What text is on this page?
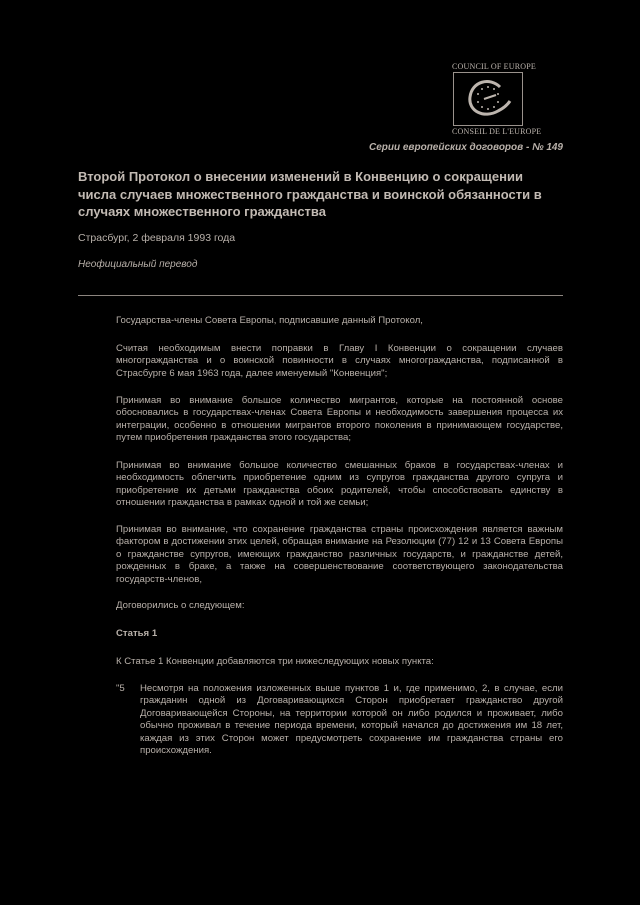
COUNCIL OF EUROPE
CONSEIL DE L'EUROPE
Серии европейских договоров - № 149
Второй Протокол о внесении изменений в Конвенцию о сокращении числа случаев множественного гражданства и воинской обязанности в случаях множественного гражданства
Страсбург, 2 февраля 1993 года
Неофициальный перевод
Государства-члены Совета Европы, подписавшие данный Протокол,
Считая необходимым внести поправки в Главу I Конвенции о сокращении случаев многогражданства и о воинской повинности в случаях многогражданства, подписанной в Страсбурге 6 мая 1963 года, далее именуемый "Конвенция";
Принимая во внимание большое количество мигрантов, которые на постоянной основе обосновались в государствах-членах Совета Европы и необходимость завершения процесса их интеграции, особенно в отношении мигрантов второго поколения в принимающем государстве, путем приобретения гражданства этого государства;
Принимая во внимание большое количество смешанных браков в государствах-членах и необходимость облегчить приобретение одним из супругов гражданства другого супруга и приобретение их детьми гражданства обоих родителей, чтобы способствовать единству в отношении гражданства в рамках одной и той же семьи;
Принимая во внимание, что сохранение гражданства страны происхождения является важным фактором в достижении этих целей, обращая внимание на Резолюции (77) 12 и 13 Совета Европы о гражданстве супругов, имеющих гражданство различных государств, и гражданстве детей, рожденных в браке, а также на совершенствование соответствующего законодательства государств-членов,
Договорились о следующем:
Статья 1
К Статье 1 Конвенции добавляются три нижеследующих новых пункта:
"5 Несмотря на положения изложенных выше пунктов 1 и, где применимо, 2, в случае, если гражданин одной из Договаривающихся Сторон приобретает гражданство другой Договаривающейся Стороны, на территории которой он либо родился и проживает, либо обычно проживал в течение периода времени, который начался до достижения им 18 лет, каждая из этих Сторон может предусмотреть сохранение им гражданства страны его происхождения.
